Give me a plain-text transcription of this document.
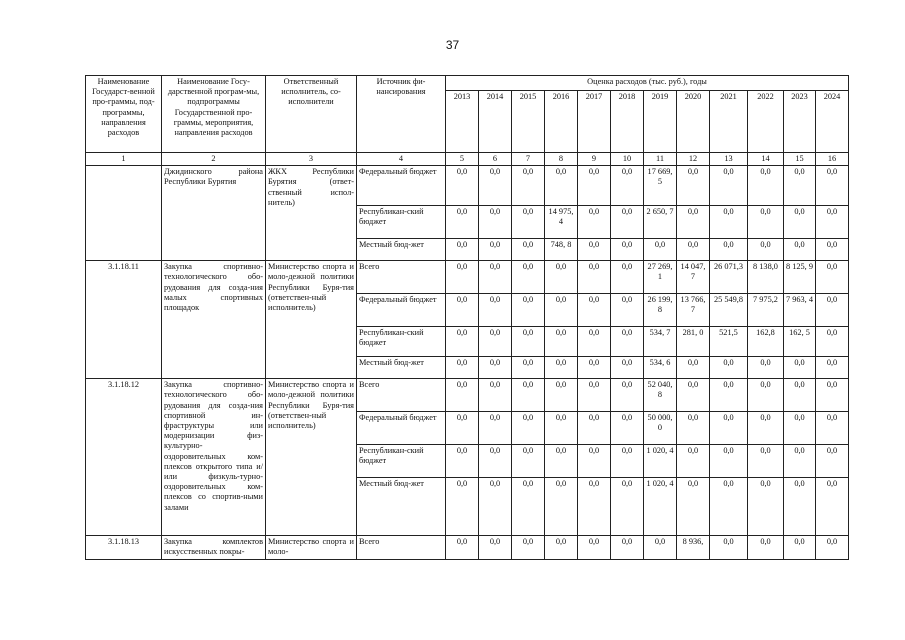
37
Наименование Государст-венной про-граммы, под-программы, направления расходов	Наименование Госу-дарственной програм-мы, подпрограммы Государственной про-граммы, мероприятия, направления расходов	Ответственный исполнитель, со-исполнители	Источник фи-нансирования	Оценка расходов (тыс. руб.), годы											
				2013	2014	2015	2016	2017	2018	2019	2020	2021	2022	2023	2024
1	2	3	4	5	6	7	8	9	10	11	12	13	14	15	16
	Джидинского района Республики Бурятия	ЖКХ Республики Бурятия (ответ-ственный испол-нитель)	Федеральный бюджет	0,0	0,0	0,0	0,0	0,0	0,0	17 669, 5	0,0	0,0	0,0	0,0	0,0
			Республикан-ский бюджет	0,0	0,0	0,0	14 975, 4	0,0	0,0	2 650, 7	0,0	0,0	0,0	0,0	0,0
			Местный бюд-жет	0,0	0,0	0,0	748, 8	0,0	0,0	0,0	0,0	0,0	0,0	0,0	0,0
3.1.18.11	Закупка спортивно-технологического обо-рудования для созда-ния малых спортивных площадок	Министерство спорта и моло-дежной политики Республики Буря-тия (ответствен-ный исполнитель)	Всего	0,0	0,0	0,0	0,0	0,0	0,0	27 269, 1	14 047, 7	26 071,3	8 138,0	8 125, 9	0,0
			Федеральный бюджет	0,0	0,0	0,0	0,0	0,0	0,0	26 199, 8	13 766, 7	25 549,8	7 975,2	7 963, 4	0,0
			Республикан-ский бюджет	0,0	0,0	0,0	0,0	0,0	0,0	534, 7	281, 0	521,5	162,8	162, 5	0,0
			Местный бюд-жет	0,0	0,0	0,0	0,0	0,0	0,0	534, 6	0,0	0,0	0,0	0,0	0,0
3.1.18.12	Закупка спортивно-технологического обо-рудования для созда-ния спортивной ин-фраструктуры или модернизации физ-культурно-оздоровительных ком-плексов открытого типа и/или физкуль-турно-оздоровительных ком-плексов со спортив-ными залами	Министерство спорта и моло-дежной политики Республики Буря-тия (ответствен-ный исполнитель)	Всего	0,0	0,0	0,0	0,0	0,0	0,0	52 040, 8	0,0	0,0	0,0	0,0	0,0
			Федеральный бюджет	0,0	0,0	0,0	0,0	0,0	0,0	50 000, 0	0,0	0,0	0,0	0,0	0,0
			Республикан-ский бюджет	0,0	0,0	0,0	0,0	0,0	0,0	1 020, 4	0,0	0,0	0,0	0,0	0,0
			Местный бюд-жет	0,0	0,0	0,0	0,0	0,0	0,0	1 020, 4	0,0	0,0	0,0	0,0	0,0
3.1.18.13	Закупка комплектов искусственных покры-	Министерство спорта и моло-	Всего	0,0	0,0	0,0	0,0	0,0	0,0	0,0	8 936,	0,0	0,0	0,0	0,0
